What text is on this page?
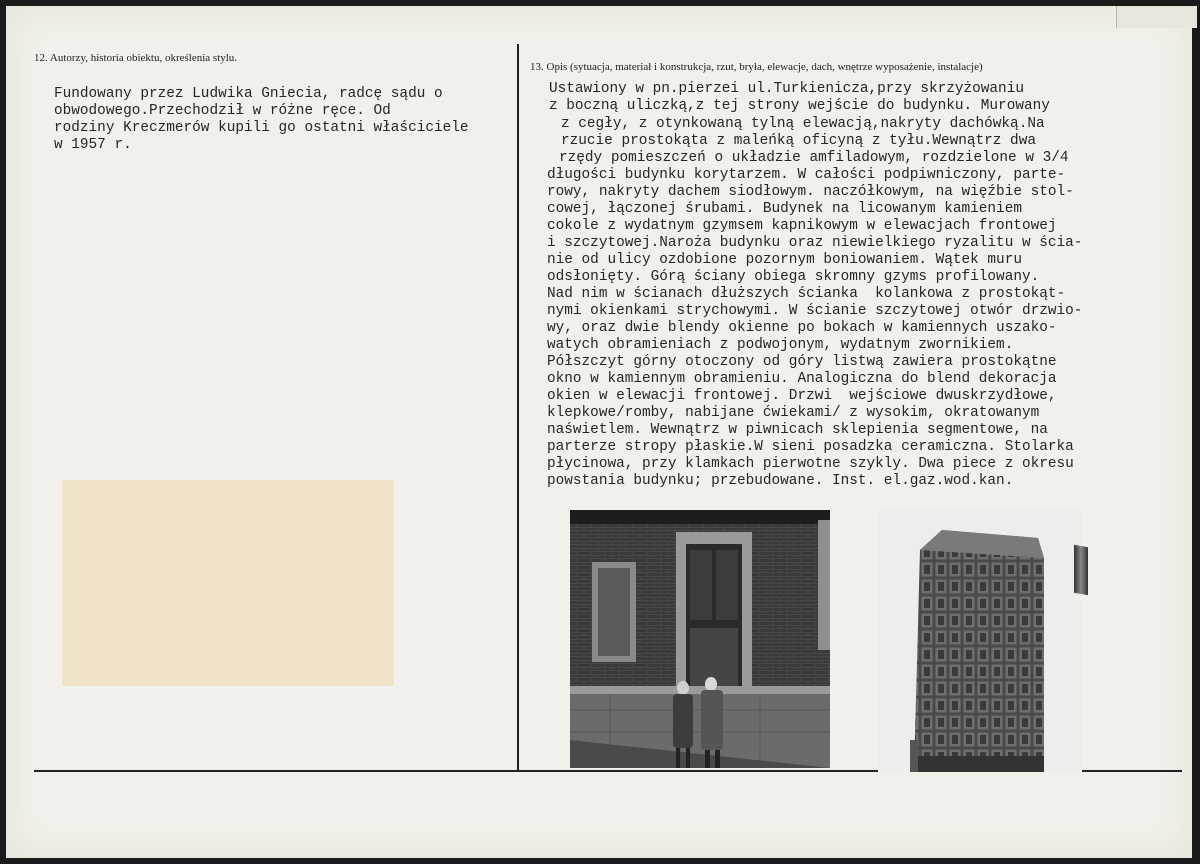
12. Autorzy, historia obiektu, określenia stylu.

Fundowany przez Ludwika Gniecia, radcę sądu o

obwodowego.Przechodził w różne ręce. Od

rodziny Kreczmerów kupili go ostatni właściciele

w 1957 r.

13. Opis (sytuacja, materiał i konstrukcja, rzut, bryła, elewacje, dach, wnętrze wyposażenie, instalacje)

Ustawiony w pn.pierzei ul.Turkienicza,przy skrzyżowaniu

z boczną uliczką,z tej strony wejście do budynku. Murowany

z cegły, z otynkowaną tylną elewacją,nakryty dachówką.Na

rzucie prostokąta z maleńką oficyną z tyłu.Wewnątrz dwa

rzędy pomieszczeń o układzie amfiladowym, rozdzielone w 3/4

długości budynku korytarzem. W całości podpiwniczony, parte-

rowy, nakryty dachem siodłowym. naczółkowym, na więźbie stol-

cowej, łączonej śrubami. Budynek na licowanym kamieniem

cokole z wydatnym gzymsem kapnikowym w elewacjach frontowej

i szczytowej.Naroża budynku oraz niewielkiego ryzalitu w ścia-

nie od ulicy ozdobione pozornym boniowaniem. Wątek muru

odsłonięty. Górą ściany obiega skromny gzyms profilowany.

Nad nim w ścianach dłuższych ścianka  kolankowa z prostokąt-

nymi okienkami strychowymi. W ścianie szczytowej otwór drzwio-

wy, oraz dwie blendy okienne po bokach w kamiennych uszako-

watych obramieniach z podwojonym, wydatnym zwornikiem.

Półszczyt górny otoczony od góry listwą zawiera prostokątne

okno w kamiennym obramieniu. Analogiczna do blend dekoracja

okien w elewacji frontowej. Drzwi  wejściowe dwuskrzydłowe,

klepkowe/romby, nabijane ćwiekami/ z wysokim, okratowanym

naświetlem. Wewnątrz w piwnicach sklepienia segmentowe, na

parterze stropy płaskie.W sieni posadzka ceramiczna. Stolarka

płycinowa, przy klamkach pierwotne szykly. Dwa piece z okresu

powstania budynku; przebudowane. Inst. el.gaz.wod.kan.
